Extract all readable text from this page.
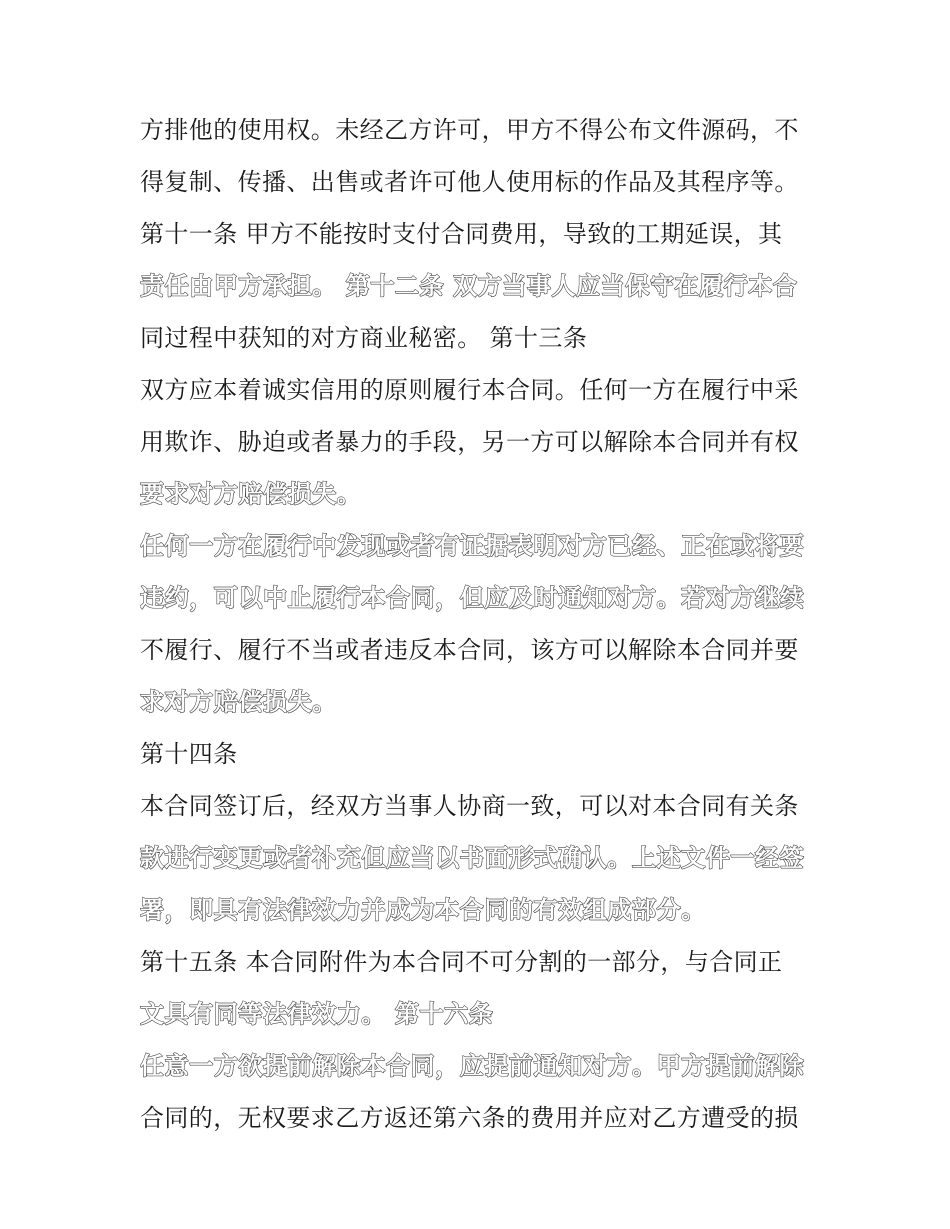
方排他的使用权。未经乙方许可，甲方不得公布文件源码，不
得复制、传播、出售或者许可他人使用标的作品及其程序等。
第十一条 甲方不能按时支付合同费用，导致的工期延误，其
责任由甲方承担。 第十二条 双方当事人应当保守在履行本合
同过程中获知的对方商业秘密。 第十三条
双方应本着诚实信用的原则履行本合同。任何一方在履行中采
用欺诈、胁迫或者暴力的手段，另一方可以解除本合同并有权
要求对方赔偿损失。
任何一方在履行中发现或者有证据表明对方已经、正在或将要
违约，可以中止履行本合同，但应及时通知对方。若对方继续
不履行、履行不当或者违反本合同，该方可以解除本合同并要
求对方赔偿损失。
第十四条
本合同签订后，经双方当事人协商一致，可以对本合同有关条
款进行变更或者补充但应当以书面形式确认。上述文件一经签
署，即具有法律效力并成为本合同的有效组成部分。
第十五条 本合同附件为本合同不可分割的一部分，与合同正
文具有同等法律效力。 第十六条
任意一方欲提前解除本合同，应提前通知对方。甲方提前解除
合同的，无权要求乙方返还第六条的费用并应对乙方遭受的损
